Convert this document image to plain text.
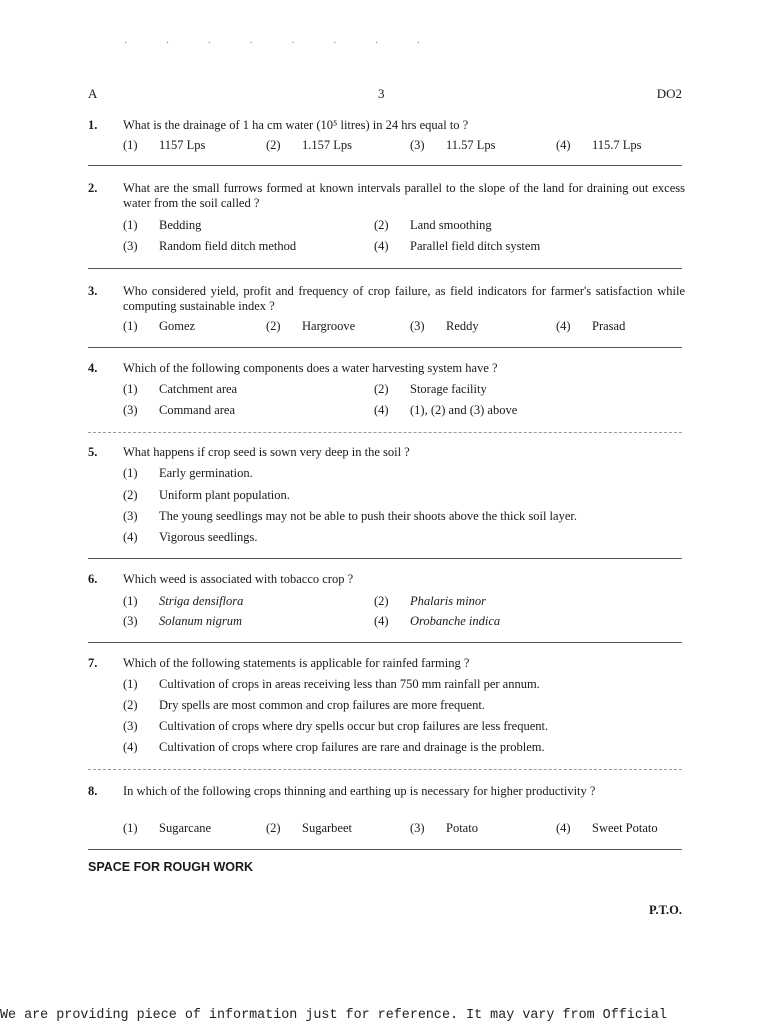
· · · · · · · ·
A	3	DO2
1. What is the drainage of 1 ha cm water (10⁵ litres) in 24 hrs equal to ?
(1) 1157 Lps	(2) 1.157 Lps	(3) 11.57 Lps	(4) 115.7 Lps
2. What are the small furrows formed at known intervals parallel to the slope of the land for draining out excess water from the soil called ?
(1) Bedding	(2) Land smoothing
(3) Random field ditch method	(4) Parallel field ditch system
3. Who considered yield, profit and frequency of crop failure, as field indicators for farmer's satisfaction while computing sustainable index ?
(1) Gomez	(2) Hargroove	(3) Reddy	(4) Prasad
4. Which of the following components does a water harvesting system have ?
(1) Catchment area	(2) Storage facility
(3) Command area	(4) (1), (2) and (3) above
5. What happens if crop seed is sown very deep in the soil ?
(1) Early germination.
(2) Uniform plant population.
(3) The young seedlings may not be able to push their shoots above the thick soil layer.
(4) Vigorous seedlings.
6. Which weed is associated with tobacco crop ?
(1) Striga densiflora	(2) Phalaris minor
(3) Solanum nigrum	(4) Orobanche indica
7. Which of the following statements is applicable for rainfed farming ?
(1) Cultivation of crops in areas receiving less than 750 mm rainfall per annum.
(2) Dry spells are most common and crop failures are more frequent.
(3) Cultivation of crops where dry spells occur but crop failures are less frequent.
(4) Cultivation of crops where crop failures are rare and drainage is the problem.
8. In which of the following crops thinning and earthing up is necessary for higher productivity ?
(1) Sugarcane	(2) Sugarbeet	(3) Potato	(4) Sweet Potato
SPACE FOR ROUGH WORK
P.T.O.
We are providing piece of information just for reference. It may vary from Official
